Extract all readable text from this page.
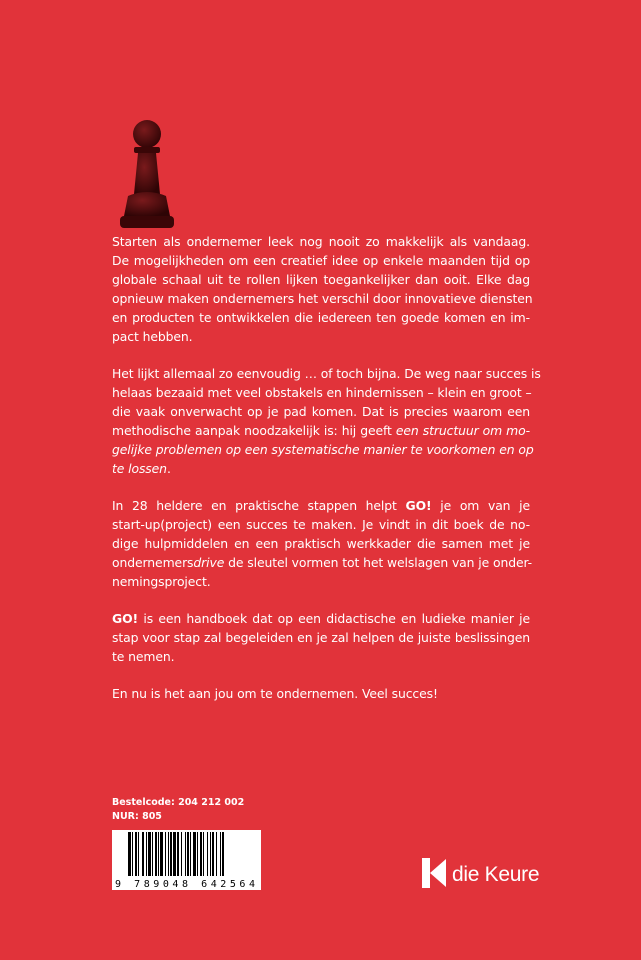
Starten als ondernemer leek nog nooit zo makkelijk als vandaag.
De mogelijkheden om een creatief idee op enkele maanden tijd op
globale schaal uit te rollen lijken toegankelijker dan ooit. Elke dag
opnieuw maken ondernemers het verschil door innovatieve diensten
en producten te ontwikkelen die iedereen ten goede komen en im-
pact hebben.

Het lijkt allemaal zo eenvoudig … of toch bijna. De weg naar succes is
helaas bezaaid met veel obstakels en hindernissen – klein en groot –
die vaak onverwacht op je pad komen. Dat is precies waarom een
methodische aanpak noodzakelijk is: hij geeft een structuur om mo-
gelijke problemen op een systematische manier te voorkomen en op
te lossen.

In 28 heldere en praktische stappen helpt GO! je om van je
start-up(project) een succes te maken. Je vindt in dit boek de no-
dige hulpmiddelen en een praktisch werkkader die samen met je
ondernemersdrive de sleutel vormen tot het welslagen van je onder-
nemingsproject.

GO! is een handboek dat op een didactische en ludieke manier je
stap voor stap zal begeleiden en je zal helpen de juiste beslissingen
te nemen.

En nu is het aan jou om te ondernemen. Veel succes!

Bestelcode: 204 212 002
NUR: 805
9 789048 642564	die Keure
